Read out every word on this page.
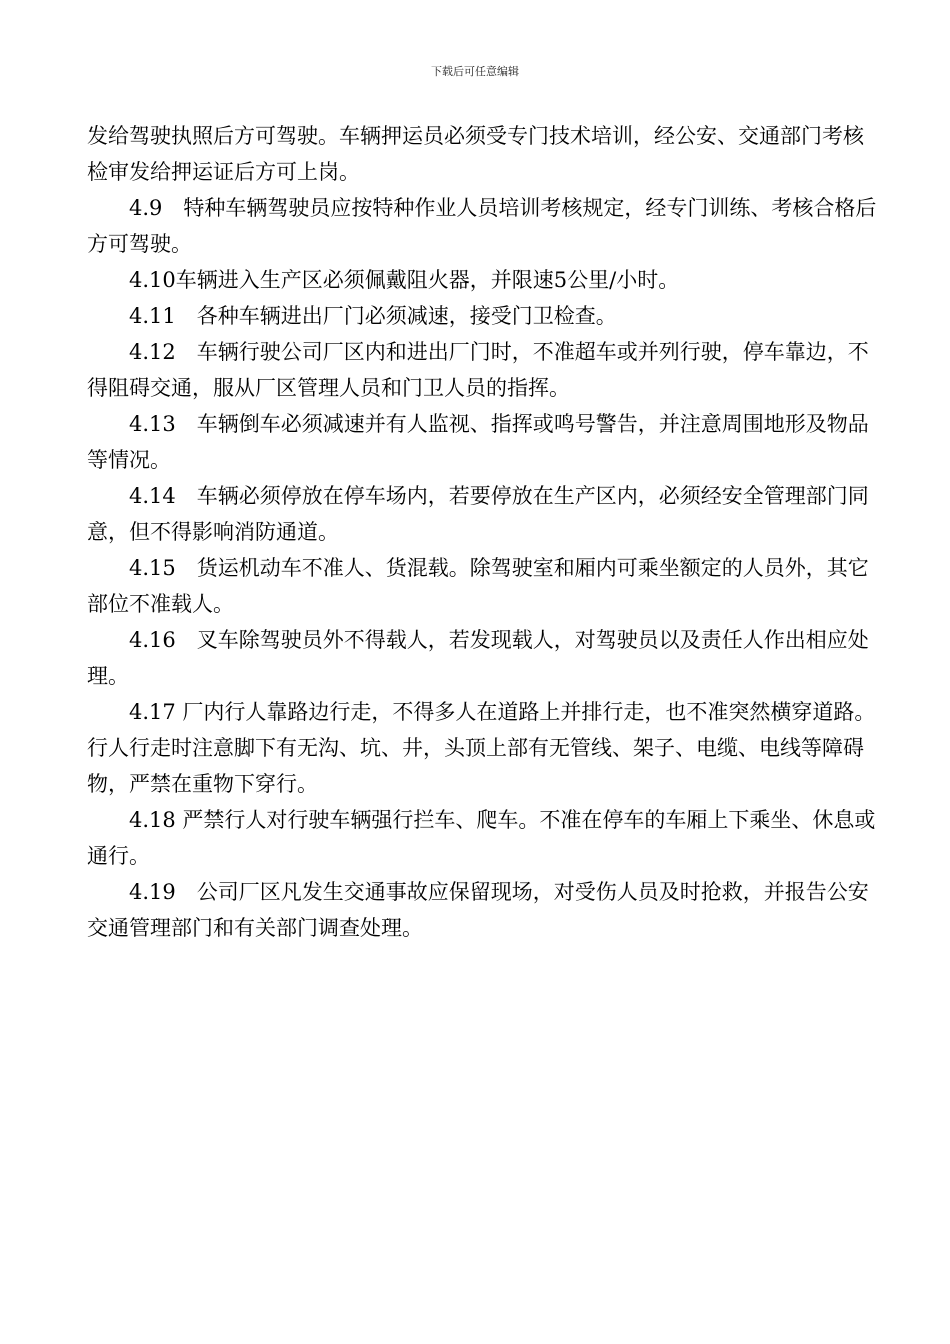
下载后可任意编辑

发给驾驶执照后方可驾驶。车辆押运员必须受专门技术培训，经公安、交通部门考核检审发给押运证后方可上岗。

4.9　特种车辆驾驶员应按特种作业人员培训考核规定，经专门训练、考核合格后方可驾驶。

4.10车辆进入生产区必须佩戴阻火器，并限速5公里/小时。

4.11　各种车辆进出厂门必须减速，接受门卫检查。

4.12　车辆行驶公司厂区内和进出厂门时，不准超车或并列行驶，停车靠边，不得阻碍交通，服从厂区管理人员和门卫人员的指挥。

4.13　车辆倒车必须减速并有人监视、指挥或鸣号警告，并注意周围地形及物品等情况。

4.14　车辆必须停放在停车场内，若要停放在生产区内，必须经安全管理部门同意，但不得影响消防通道。

4.15　货运机动车不准人、货混载。除驾驶室和厢内可乘坐额定的人员外，其它部位不准载人。

4.16　叉车除驾驶员外不得载人，若发现载人，对驾驶员以及责任人作出相应处理。

4.17 厂内行人靠路边行走，不得多人在道路上并排行走，也不准突然横穿道路。行人行走时注意脚下有无沟、坑、井，头顶上部有无管线、架子、电缆、电线等障碍物，严禁在重物下穿行。

4.18 严禁行人对行驶车辆强行拦车、爬车。不准在停车的车厢上下乘坐、休息或通行。

4.19　公司厂区凡发生交通事故应保留现场，对受伤人员及时抢救，并报告公安交通管理部门和有关部门调查处理。
